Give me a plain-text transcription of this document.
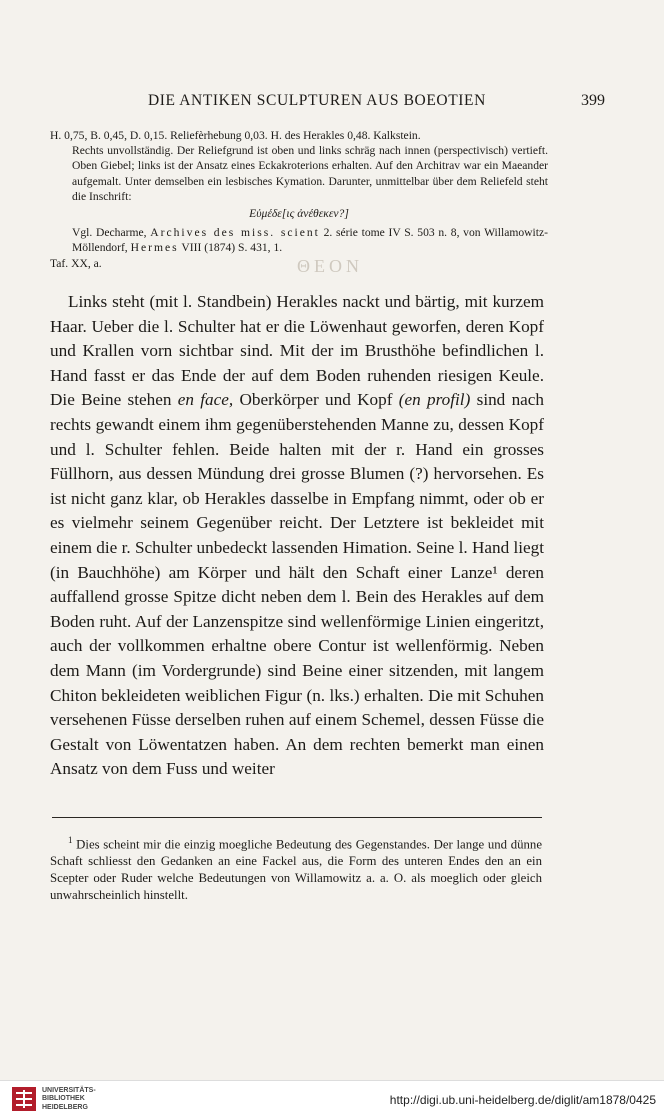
DIE ANTIKEN SCULPTUREN AUS BOEOTIEN	399

H. 0,75, B. 0,45, D. 0,15. Reliefèrhebung 0,03. H. des Herakles 0,48. Kalkstein.

Rechts unvollständig. Der Reliefgrund ist oben und links schräg nach innen (perspectivisch) vertieft. Oben Giebel; links ist der Ansatz eines Eckakroterions erhalten. Auf den Architrav war ein Maeander aufgemalt. Unter demselben ein lesbisches Kymation. Darunter, unmittelbar über dem Reliefeld steht die Inschrift:

Εὐμέδε[ις ἀνέθεκεν?]

Vgl. Decharme, Archives des miss. scient 2. série tome IV S. 503 n. 8, von Willamowitz-Möllendorf, Hermes VIII (1874) S. 431, 1.

Taf. XX, a.	ΘΕΟΝ

Links steht (mit l. Standbein) Herakles nackt und bärtig, mit kurzem Haar. Ueber die l. Schulter hat er die Löwenhaut geworfen, deren Kopf und Krallen vorn sichtbar sind. Mit der im Brusthöhe befindlichen l. Hand fasst er das Ende der auf dem Boden ruhenden riesigen Keule. Die Beine stehen en face, Oberkörper und Kopf (en profil) sind nach rechts gewandt einem ihm gegenüberstehenden Manne zu, dessen Kopf und l. Schulter fehlen. Beide halten mit der r. Hand ein grosses Füllhorn, aus dessen Mündung drei grosse Blumen (?) hervorsehen. Es ist nicht ganz klar, ob Herakles dasselbe in Empfang nimmt, oder ob er es vielmehr seinem Gegenüber reicht. Der Letztere ist bekleidet mit einem die r. Schulter unbedeckt lassenden Himation. Seine l. Hand liegt (in Bauchhöhe) am Körper und hält den Schaft einer Lanze¹ deren auffallend grosse Spitze dicht neben dem l. Bein des Herakles auf dem Boden ruht. Auf der Lanzenspitze sind wellenförmige Linien eingeritzt, auch der vollkommen erhaltne obere Contur ist wellenförmig. Neben dem Mann (im Vordergrunde) sind Beine einer sitzenden, mit langem Chiton bekleideten weiblichen Figur (n. lks.) erhalten. Die mit Schuhen versehenen Füsse derselben ruhen auf einem Schemel, dessen Füsse die Gestalt von Löwentatzen haben. An dem rechten bemerkt man einen Ansatz von dem Fuss und weiter

$^1$ Dies scheint mir die einzig moegliche Bedeutung des Gegenstandes. Der lange und dünne Schaft schliesst den Gedanken an eine Fackel aus, die Form des unteren Endes den an ein Scepter oder Ruder welche Bedeutungen von Willamowitz a. a. O. als moeglich oder gleich unwahrscheinlich hinstellt.

UNIVERSITÄTS-
BIBLIOTHEK
HEIDELBERG
http://digi.ub.uni-heidelberg.de/diglit/am1878/0425
